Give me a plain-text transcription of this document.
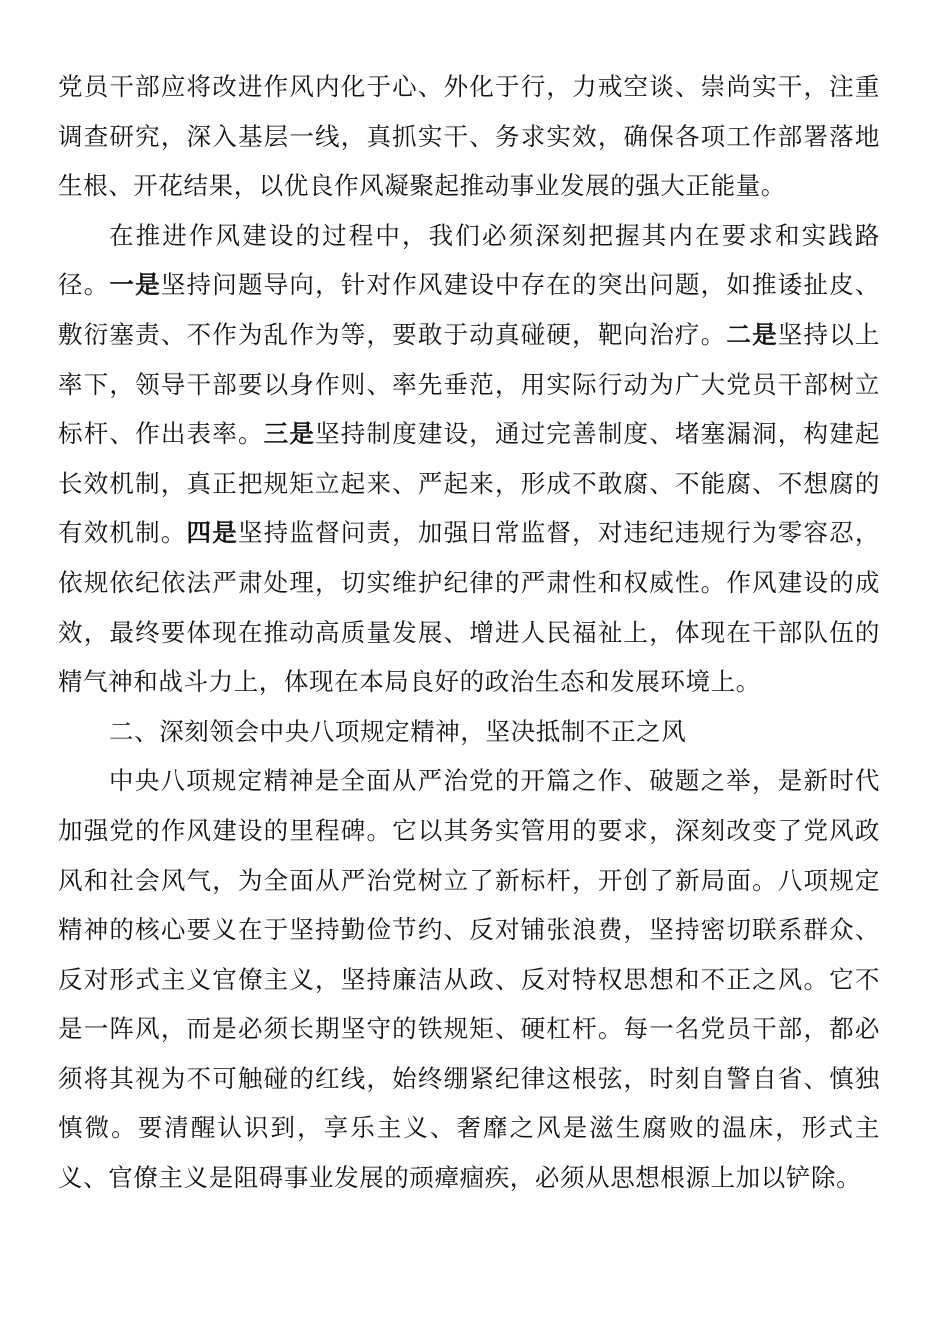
党员干部应将改进作风内化于心、外化于行，力戒空谈、崇尚实干，注重调查研究，深入基层一线，真抓实干、务求实效，确保各项工作部署落地生根、开花结果，以优良作风凝聚起推动事业发展的强大正能量。

在推进作风建设的过程中，我们必须深刻把握其内在要求和实践路径。一是坚持问题导向，针对作风建设中存在的突出问题，如推诿扯皮、敷衍塞责、不作为乱作为等，要敢于动真碰硬，靶向治疗。二是坚持以上率下，领导干部要以身作则、率先垂范，用实际行动为广大党员干部树立标杆、作出表率。三是坚持制度建设，通过完善制度、堵塞漏洞，构建起长效机制，真正把规矩立起来、严起来，形成不敢腐、不能腐、不想腐的有效机制。四是坚持监督问责，加强日常监督，对违纪违规行为零容忍，依规依纪依法严肃处理，切实维护纪律的严肃性和权威性。作风建设的成效，最终要体现在推动高质量发展、增进人民福祉上，体现在干部队伍的精气神和战斗力上，体现在本局良好的政治生态和发展环境上。

二、深刻领会中央八项规定精神，坚决抵制不正之风

中央八项规定精神是全面从严治党的开篇之作、破题之举，是新时代加强党的作风建设的里程碑。它以其务实管用的要求，深刻改变了党风政风和社会风气，为全面从严治党树立了新标杆，开创了新局面。八项规定精神的核心要义在于坚持勤俭节约、反对铺张浪费，坚持密切联系群众、反对形式主义官僚主义，坚持廉洁从政、反对特权思想和不正之风。它不是一阵风，而是必须长期坚守的铁规矩、硬杠杆。每一名党员干部，都必须将其视为不可触碰的红线，始终绷紧纪律这根弦，时刻自警自省、慎独慎微。要清醒认识到，享乐主义、奢靡之风是滋生腐败的温床，形式主义、官僚主义是阻碍事业发展的顽瘴痼疾，必须从思想根源上加以铲除。
